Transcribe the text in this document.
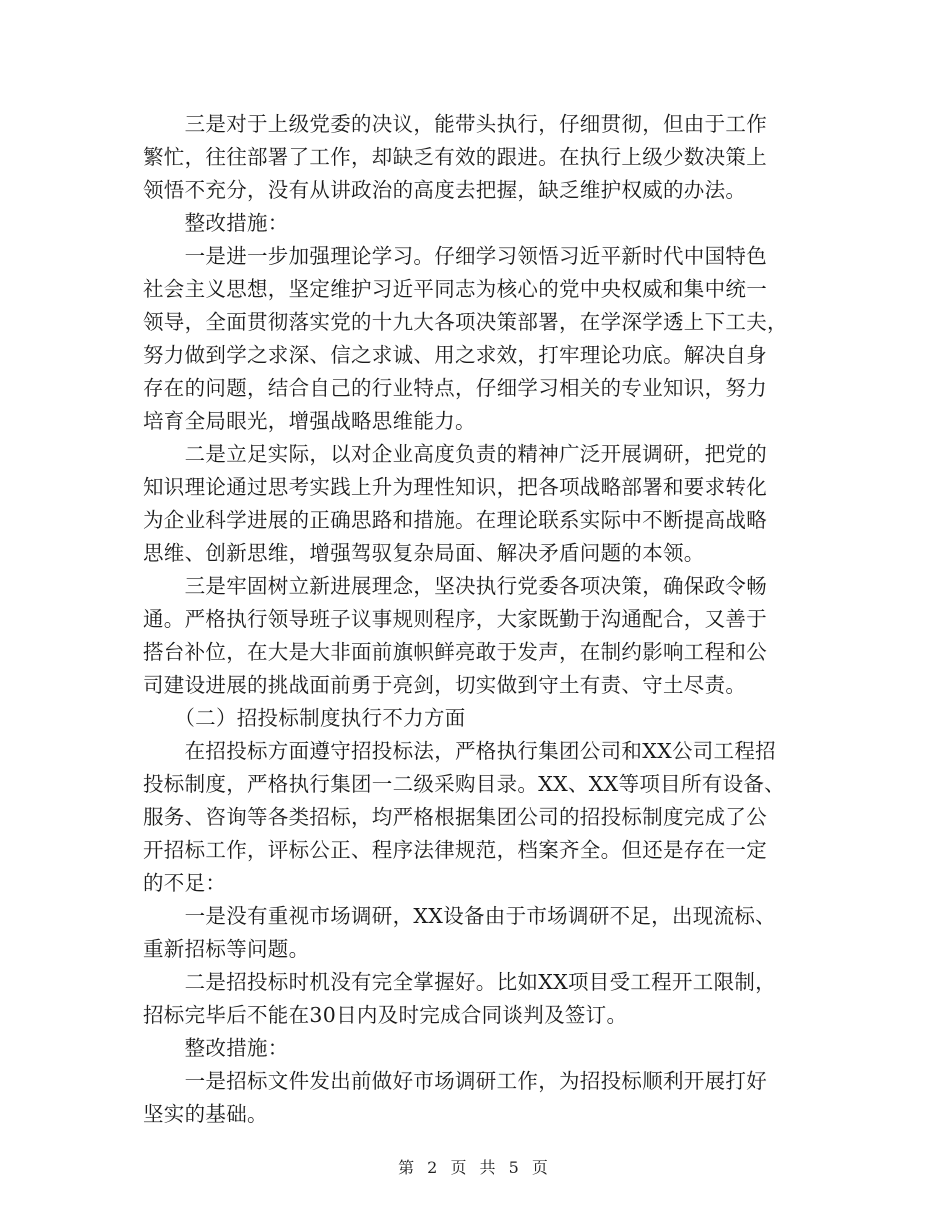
　　三是对于上级党委的决议，能带头执行，仔细贯彻，但由于工作
繁忙，往往部署了工作，却缺乏有效的跟进。在执行上级少数决策上
领悟不充分，没有从讲政治的高度去把握，缺乏维护权威的办法。
　　整改措施：
　　一是进一步加强理论学习。仔细学习领悟习近平新时代中国特色
社会主义思想，坚定维护习近平同志为核心的党中央权威和集中统一
领导，全面贯彻落实党的十九大各项决策部署，在学深学透上下工夫，
努力做到学之求深、信之求诚、用之求效，打牢理论功底。解决自身
存在的问题，结合自己的行业特点，仔细学习相关的专业知识，努力
培育全局眼光，增强战略思维能力。
　　二是立足实际，以对企业高度负责的精神广泛开展调研，把党的
知识理论通过思考实践上升为理性知识，把各项战略部署和要求转化
为企业科学进展的正确思路和措施。在理论联系实际中不断提高战略
思维、创新思维，增强驾驭复杂局面、解决矛盾问题的本领。
　　三是牢固树立新进展理念，坚决执行党委各项决策，确保政令畅
通。严格执行领导班子议事规则程序，大家既勤于沟通配合，又善于
搭台补位，在大是大非面前旗帜鲜亮敢于发声，在制约影响工程和公
司建设进展的挑战面前勇于亮剑，切实做到守土有责、守土尽责。
　　（二）招投标制度执行不力方面
　　在招投标方面遵守招投标法，严格执行集团公司和XX公司工程招
投标制度，严格执行集团一二级采购目录。XX、XX等项目所有设备、
服务、咨询等各类招标，均严格根据集团公司的招投标制度完成了公
开招标工作，评标公正、程序法律规范，档案齐全。但还是存在一定
的不足：
　　一是没有重视市场调研，XX设备由于市场调研不足，出现流标、
重新招标等问题。
　　二是招投标时机没有完全掌握好。比如XX项目受工程开工限制，
招标完毕后不能在30日内及时完成合同谈判及签订。
　　整改措施：
　　一是招标文件发出前做好市场调研工作，为招投标顺利开展打好
坚实的基础。
第 2 页 共 5 页
